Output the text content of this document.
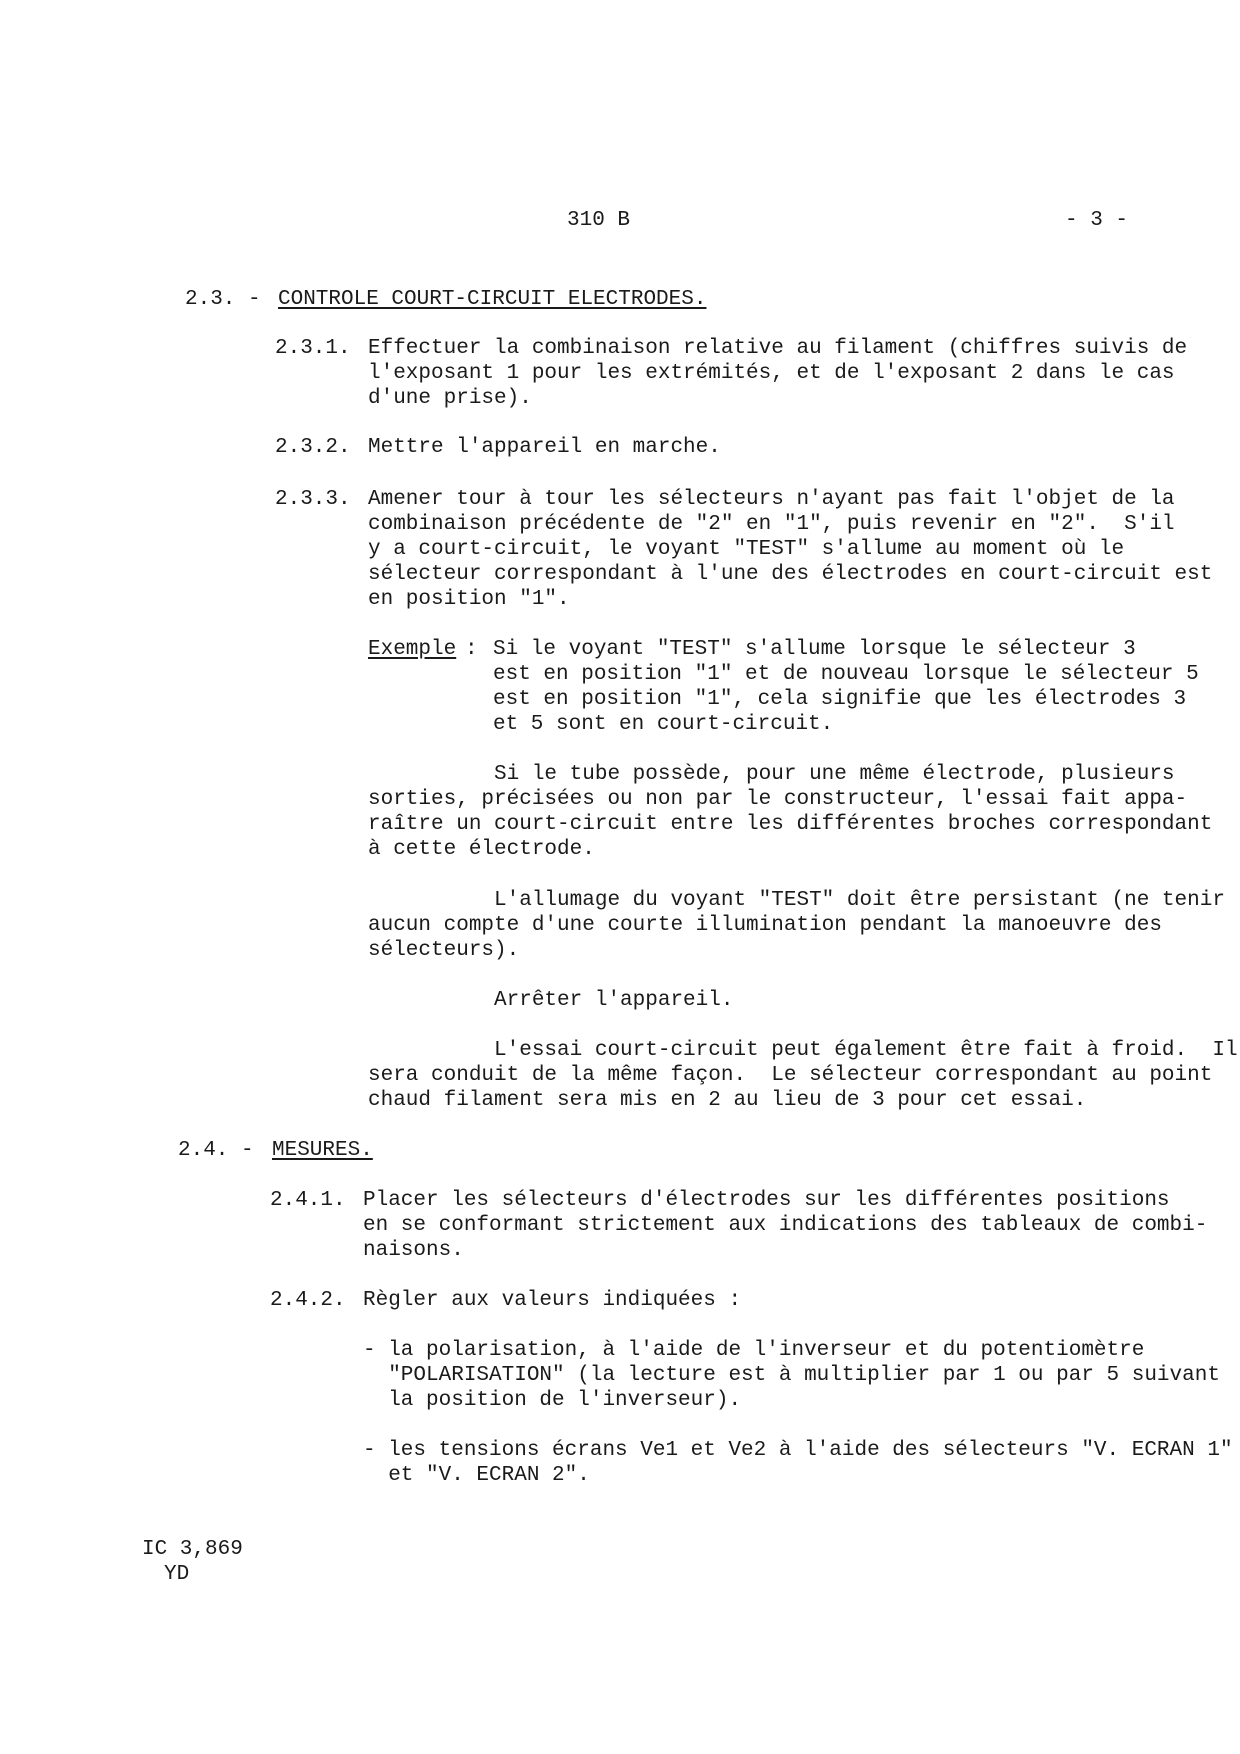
310 B	- 3 -

2.3. - CONTROLE COURT-CIRCUIT ELECTRODES.

2.3.1. Effectuer la combinaison relative au filament (chiffres suivis de
l'exposant 1 pour les extrémités, et de l'exposant 2 dans le cas
d'une prise).

2.3.2. Mettre l'appareil en marche.

2.3.3. Amener tour à tour les sélecteurs n'ayant pas fait l'objet de la
combinaison précédente de "2" en "1", puis revenir en "2".  S'il
y a court-circuit, le voyant "TEST" s'allume au moment où le
sélecteur correspondant à l'une des électrodes en court-circuit est
en position "1".

Exemple : Si le voyant "TEST" s'allume lorsque le sélecteur 3
est en position "1" et de nouveau lorsque le sélecteur 5
est en position "1", cela signifie que les électrodes 3
et 5 sont en court-circuit.
Si le tube possède, pour une même électrode, plusieurs
sorties, précisées ou non par le constructeur, l'essai fait appa-
raître un court-circuit entre les différentes broches correspondant
à cette électrode.
L'allumage du voyant "TEST" doit être persistant (ne tenir
aucun compte d'une courte illumination pendant la manoeuvre des
sélecteurs).
Arrêter l'appareil.
L'essai court-circuit peut également être fait à froid.  Il
sera conduit de la même façon.  Le sélecteur correspondant au point
chaud filament sera mis en 2 au lieu de 3 pour cet essai.

2.4. - MESURES.

2.4.1. Placer les sélecteurs d'électrodes sur les différentes positions
en se conformant strictement aux indications des tableaux de combi-
naisons.

2.4.2. Règler aux valeurs indiquées :
- la polarisation, à l'aide de l'inverseur et du potentiomètre
"POLARISATION" (la lecture est à multiplier par 1 ou par 5 suivant
la position de l'inverseur).
- les tensions écrans Ve1 et Ve2 à l'aide des sélecteurs "V. ECRAN 1"
et "V. ECRAN 2".

IC 3,869

YD
